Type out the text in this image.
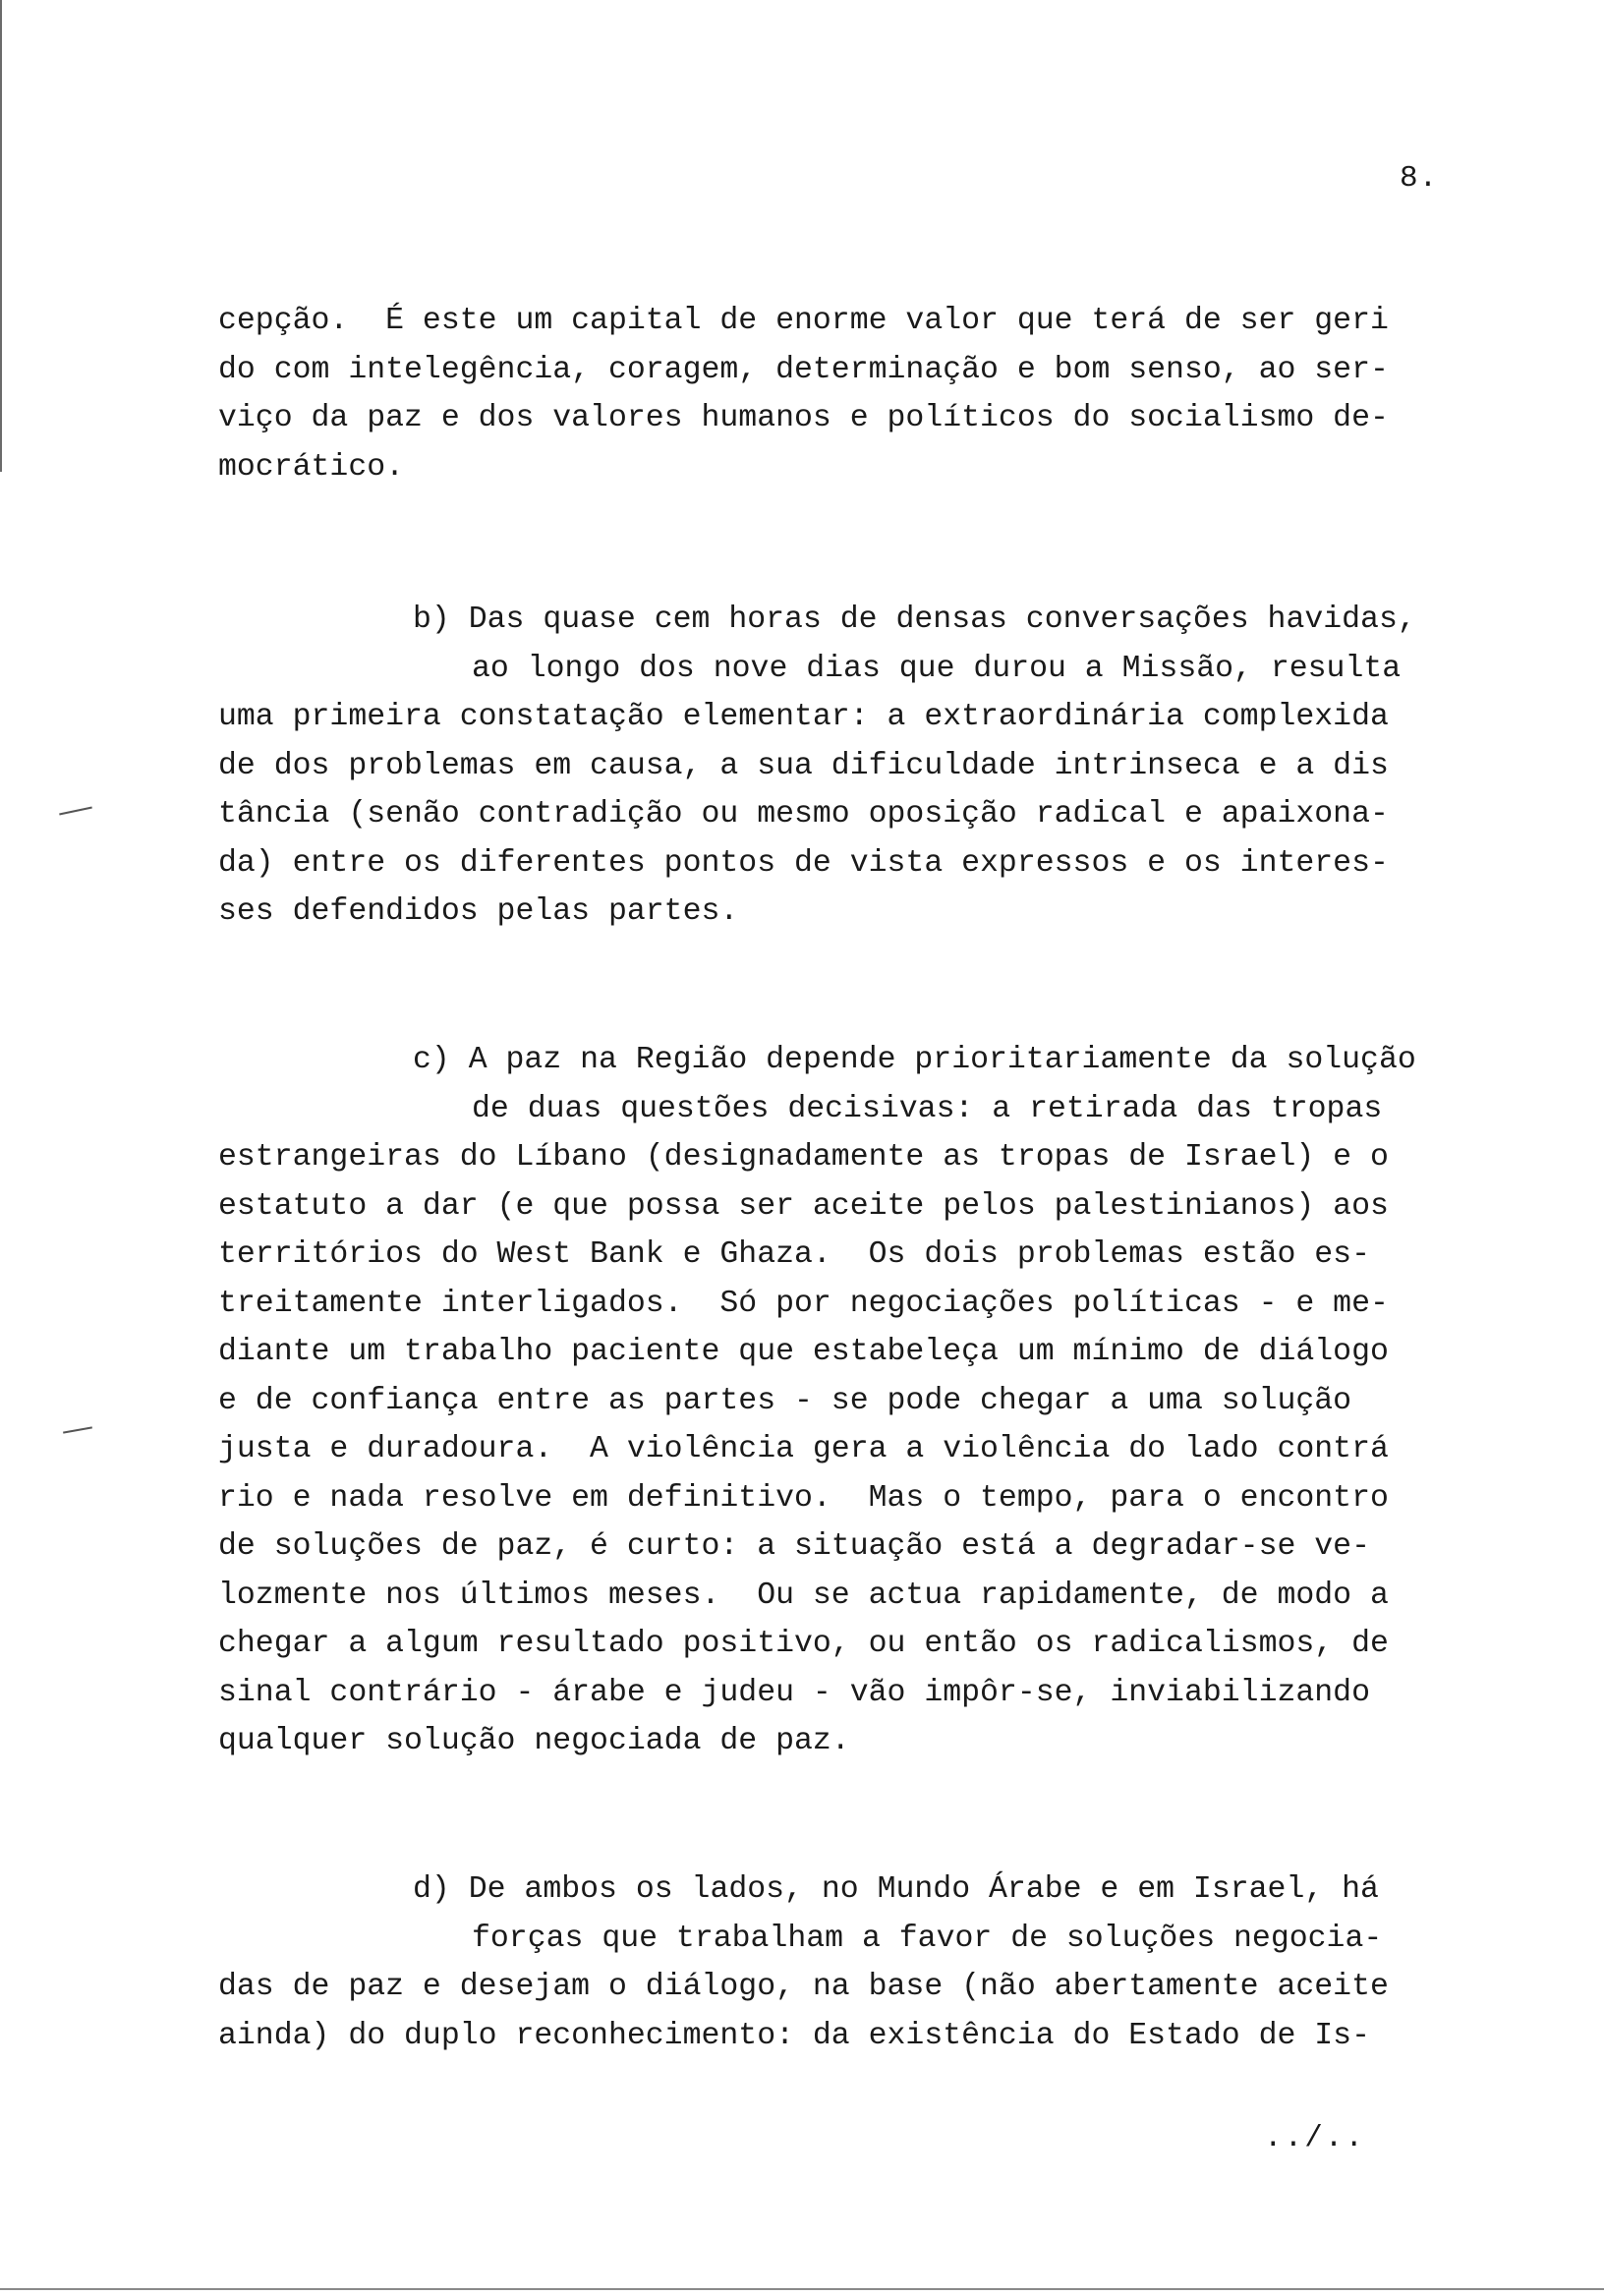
8.
cepção.  É este um capital de enorme valor que terá de ser geri
do com intelegência, coragem, determinação e bom senso, ao ser-
viço da paz e dos valores humanos e políticos do socialismo de-
mocrático.
b) Das quase cem horas de densas conversações havidas,
ao longo dos nove dias que durou a Missão, resulta
uma primeira constatação elementar: a extraordinária complexida
de dos problemas em causa, a sua dificuldade intrinseca e a dis
tância (senão contradição ou mesmo oposição radical e apaixona-
da) entre os diferentes pontos de vista expressos e os interes-
ses defendidos pelas partes.
c) A paz na Região depende prioritariamente da solução
de duas questões decisivas: a retirada das tropas
estrangeiras do Líbano (designadamente as tropas de Israel) e o
estatuto a dar (e que possa ser aceite pelos palestinianos) aos
territórios do West Bank e Ghaza.  Os dois problemas estão es-
treitamente interligados.  Só por negociações políticas - e me-
diante um trabalho paciente que estabeleça um mínimo de diálogo
e de confiança entre as partes - se pode chegar a uma solução
justa e duradoura.  A violência gera a violência do lado contrá
rio e nada resolve em definitivo.  Mas o tempo, para o encontro
de soluções de paz, é curto: a situação está a degradar-se ve-
lozmente nos últimos meses.  Ou se actua rapidamente, de modo a
chegar a algum resultado positivo, ou então os radicalismos, de
sinal contrário - árabe e judeu - vão impôr-se, inviabilizando
qualquer solução negociada de paz.
d) De ambos os lados, no Mundo Árabe e em Israel, há
forças que trabalham a favor de soluções negocia-
das de paz e desejam o diálogo, na base (não abertamente aceite
ainda) do duplo reconhecimento: da existência do Estado de Is-
../..
